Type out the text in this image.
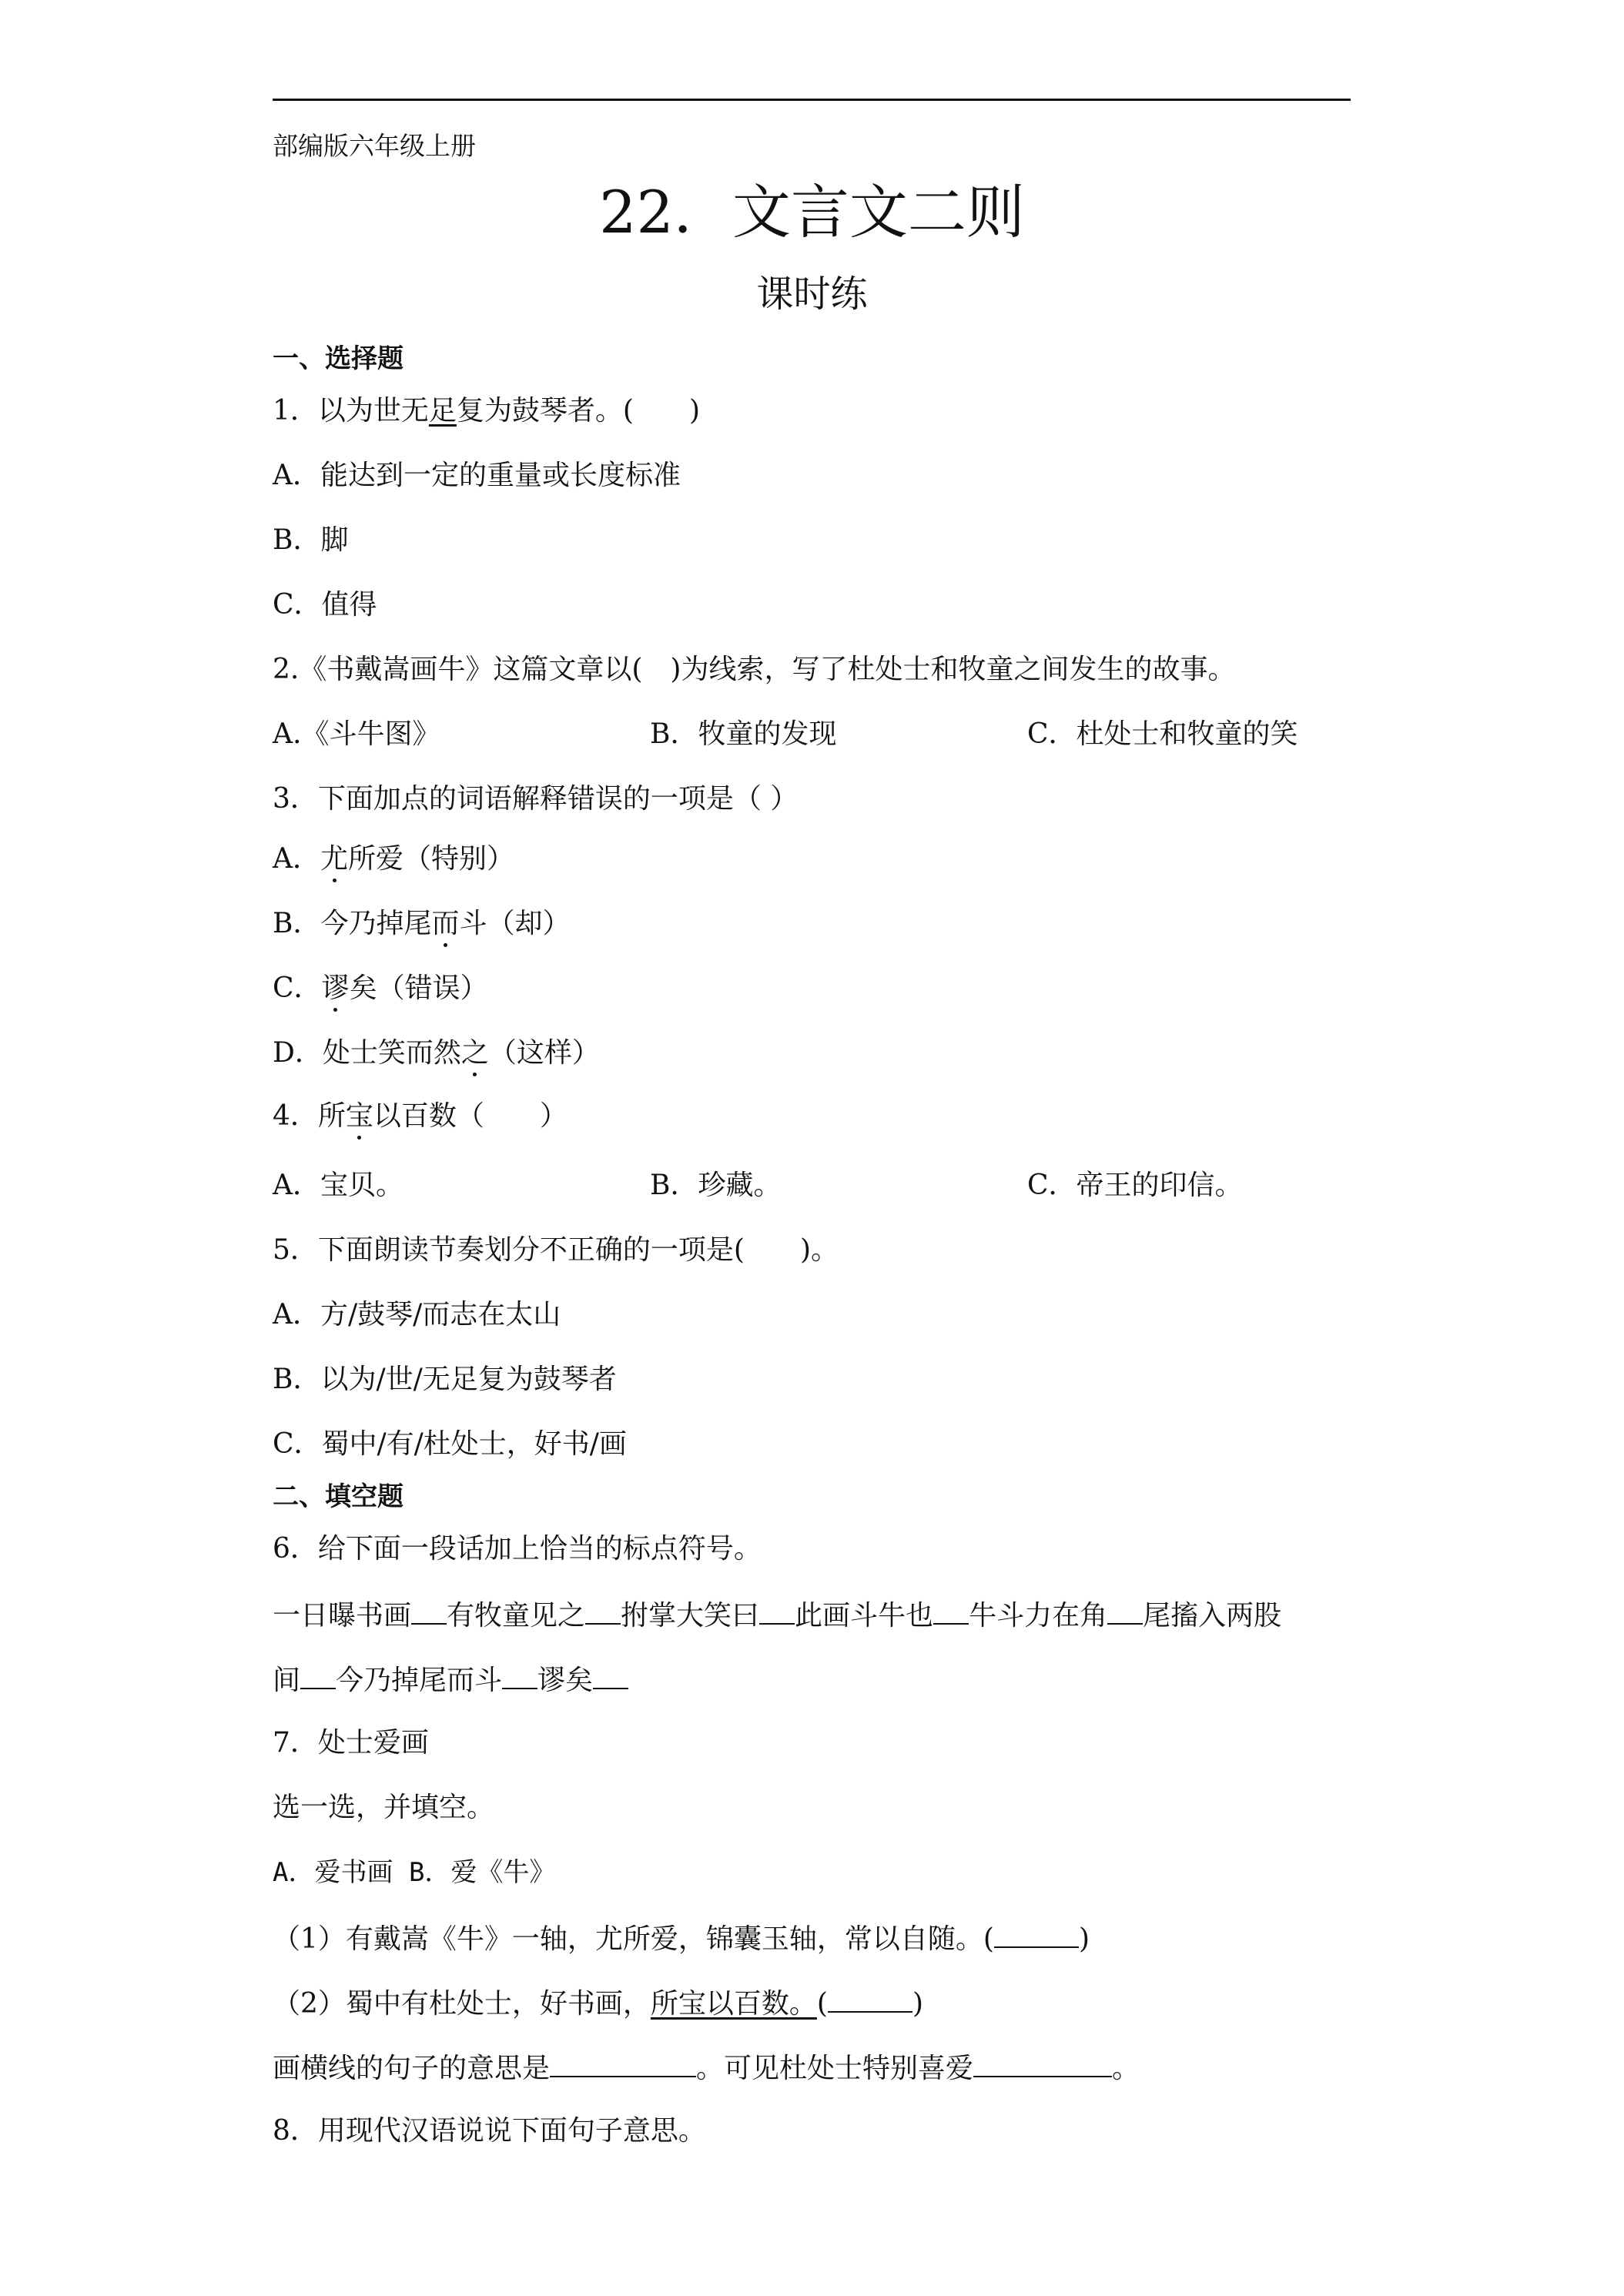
部编版六年级上册
22．文言文二则
课时练
一、选择题
1．以为世无足复为鼓琴者。(　　)
A．能达到一定的重量或长度标准
B．脚
C．值得
2.《书戴嵩画牛》这篇文章以(　)为线索，写了杜处士和牧童之间发生的故事。
A.《斗牛图》	B．牧童的发现	C．杜处士和牧童的笑
3．下面加点的词语解释错误的一项是（ ）
A．尤所爱（特别）
B．今乃掉尾而斗（却）
C．谬矣（错误）
D．处士笑而然之（这样）
4．所宝以百数（　　）
A．宝贝。	B．珍藏。	C．帝王的印信。
5．下面朗读节奏划分不正确的一项是(　　)。
A．方/鼓琴/而志在太山
B．以为/世/无足复为鼓琴者
C．蜀中/有/杜处士，好书/画
二、填空题
6．给下面一段话加上恰当的标点符号。
一日曝书画 有牧童见之 拊掌大笑曰 此画斗牛也 牛斗力在角 尾搐入两股
间 今乃掉尾而斗 谬矣
7．处士爱画
选一选，并填空。
A．爱书画 B．爱《牛》
（1）有戴嵩《牛》一轴，尤所爱，锦囊玉轴，常以自随。(	)
（2）蜀中有杜处士，好书画，所宝以百数。(	)
画横线的句子的意思是	。可见杜处士特别喜爱	。
8．用现代汉语说说下面句子意思。
